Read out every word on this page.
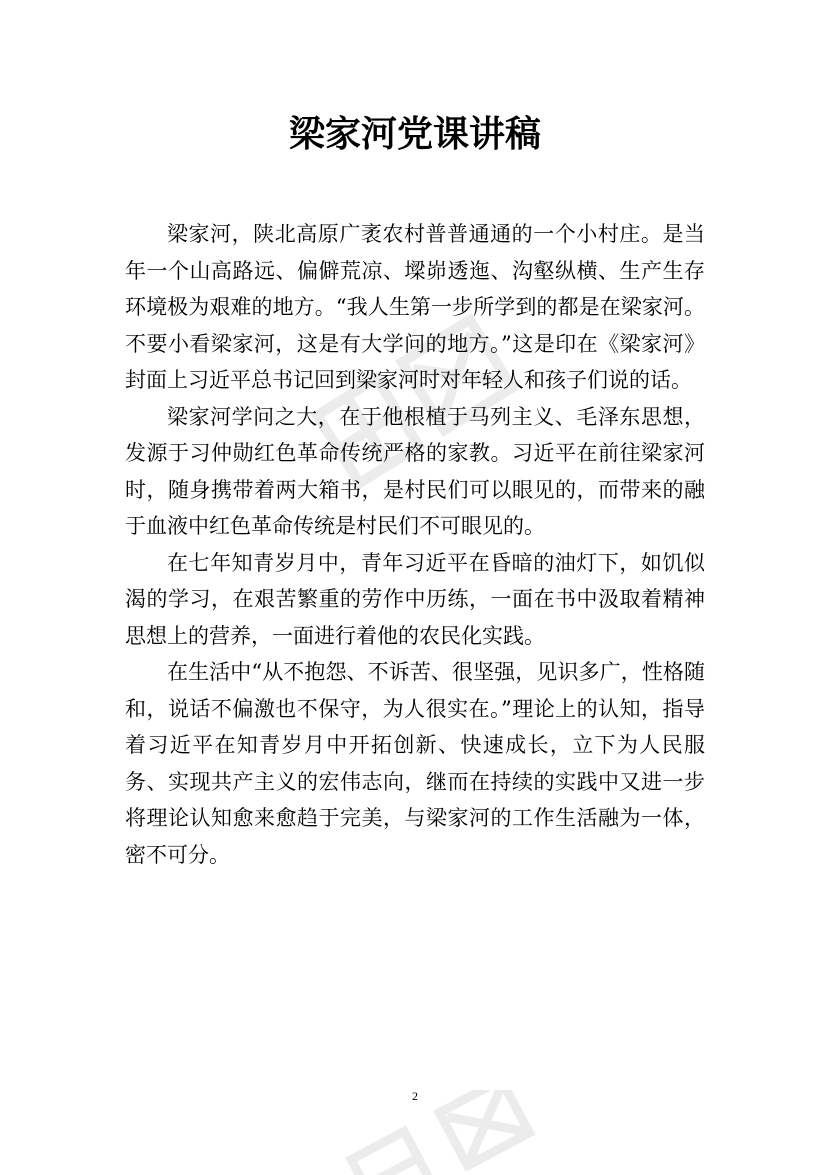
梁家河党课讲稿

梁家河，陕北高原广袤农村普普通通的一个小村庄。是当年一个山高路远、偏僻荒凉、墚峁透迤、沟壑纵横、生产生存环境极为艰难的地方。“我人生第一步所学到的都是在梁家河。不要小看梁家河，这是有大学问的地方。”这是印在《梁家河》封面上习近平总书记回到梁家河时对年轻人和孩子们说的话。

梁家河学问之大，在于他根植于马列主义、毛泽东思想，发源于习仲勋红色革命传统严格的家教。习近平在前往梁家河时，随身携带着两大箱书，是村民们可以眼见的，而带来的融于血液中红色革命传统是村民们不可眼见的。

在七年知青岁月中，青年习近平在昏暗的油灯下，如饥似渴的学习，在艰苦繁重的劳作中历练，一面在书中汲取着精神思想上的营养，一面进行着他的农民化实践。

在生活中“从不抱怨、不诉苦、很坚强，见识多广，性格随和，说话不偏激也不保守，为人很实在。”理论上的认知，指导着习近平在知青岁月中开拓创新、快速成长，立下为人民服务、实现共产主义的宏伟志向，继而在持续的实践中又进一步将理论认知愈来愈趋于完美，与梁家河的工作生活融为一体，密不可分。

2
